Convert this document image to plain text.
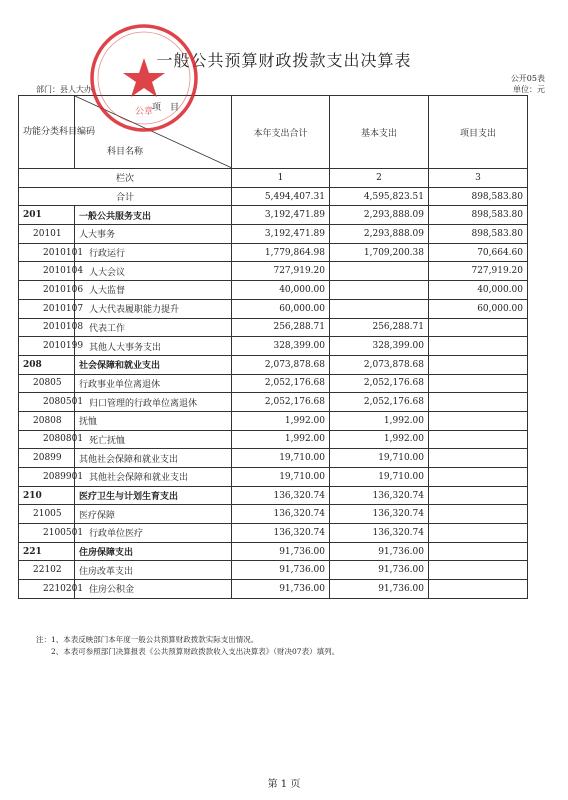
一般公共预算财政拨款支出决算表
公开05表
部门：县人大办	单位：元
功能分类科目编码	项　目
科目名称	本年支出合计	基本支出	项目支出
栏次		1	2	3
合计		5,494,407.31	4,595,823.51	898,583.80
201	一般公共服务支出	3,192,471.89	2,293,888.09	898,583.80
20101	人大事务	3,192,471.89	2,293,888.09	898,583.80
2010101	行政运行	1,779,864.98	1,709,200.38	70,664.60
2010104	人大会议	727,919.20		727,919.20
2010106	人大监督	40,000.00		40,000.00
2010107	人大代表履职能力提升	60,000.00		60,000.00
2010108	代表工作	256,288.71	256,288.71	
2010199	其他人大事务支出	328,399.00	328,399.00	
208	社会保障和就业支出	2,073,878.68	2,073,878.68	
20805	行政事业单位离退休	2,052,176.68	2,052,176.68	
2080501	归口管理的行政单位离退休	2,052,176.68	2,052,176.68	
20808	抚恤	1,992.00	1,992.00	
2080801	死亡抚恤	1,992.00	1,992.00	
20899	其他社会保障和就业支出	19,710.00	19,710.00	
2089901	其他社会保障和就业支出	19,710.00	19,710.00	
210	医疗卫生与计划生育支出	136,320.74	136,320.74	
21005	医疗保障	136,320.74	136,320.74	
2100501	行政单位医疗	136,320.74	136,320.74	
221	住房保障支出	91,736.00	91,736.00	
22102	住房改革支出	91,736.00	91,736.00	
2210201	住房公积金	91,736.00	91,736.00	
公章
注：1、本表反映部门本年度一般公共预算财政拨款实际支出情况。
　　2、本表可参照部门决算报表《公共预算财政拨款收入支出决算表》（财决07表）填列。
第 1 页
